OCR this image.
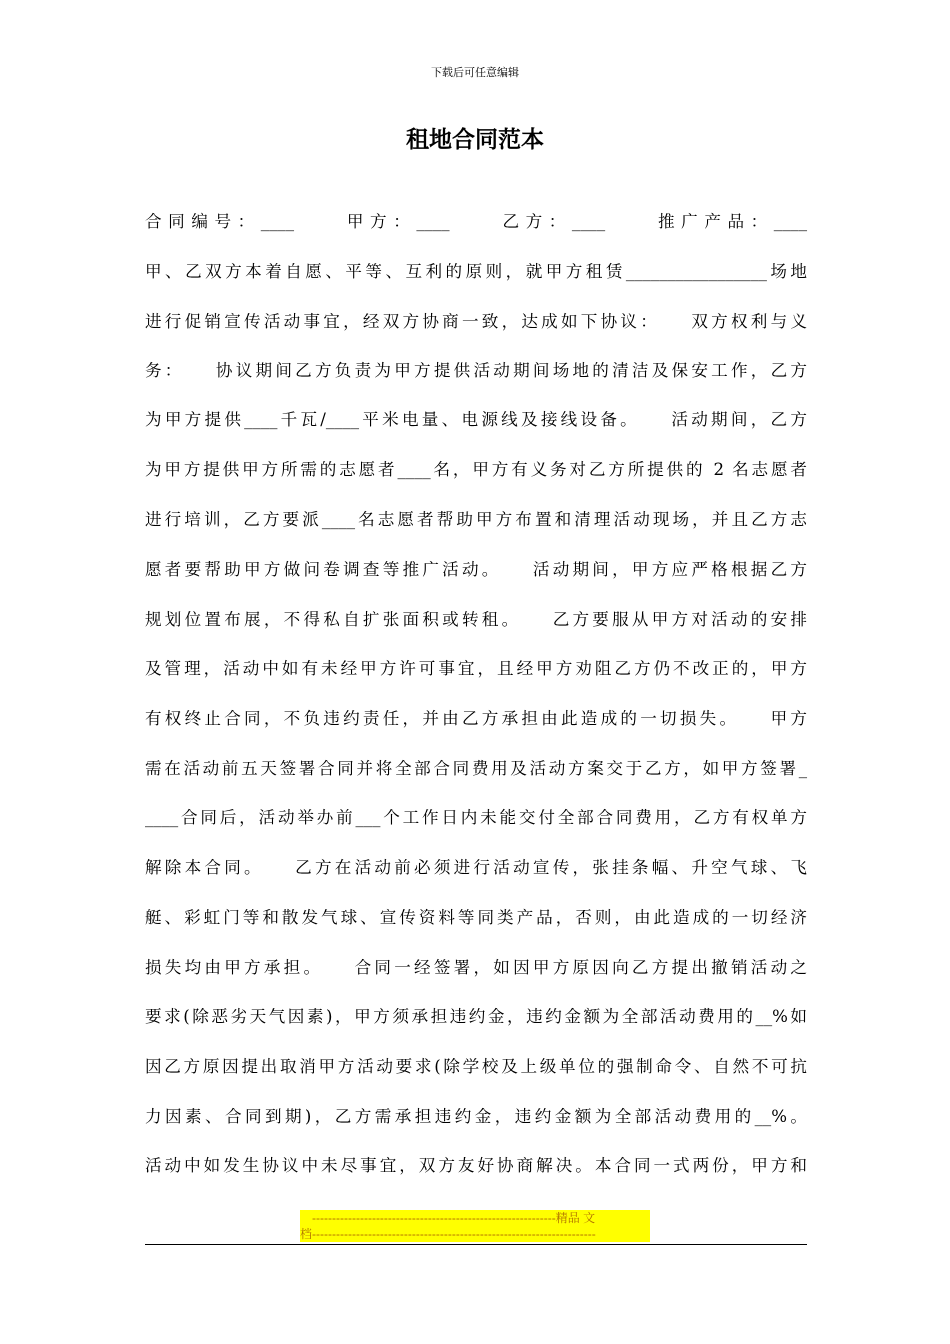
下载后可任意编辑
租地合同范本
合同编号：____　　甲方：____　　乙方：____　　推广产品：____
甲、乙双方本着自愿、平等、互利的原则，就甲方租赁_________________场地
进行促销宣传活动事宜，经双方协商一致，达成如下协议：　　双方权利与义
务：　　协议期间乙方负责为甲方提供活动期间场地的清洁及保安工作，乙方
为甲方提供____千瓦/____平米电量、电源线及接线设备。　　活动期间，乙方
为甲方提供甲方所需的志愿者____名，甲方有义务对乙方所提供的 2 名志愿者
进行培训，乙方要派____名志愿者帮助甲方布置和清理活动现场，并且乙方志
愿者要帮助甲方做问卷调查等推广活动。　　活动期间，甲方应严格根据乙方
规划位置布展，不得私自扩张面积或转租。　　乙方要服从甲方对活动的安排
及管理，活动中如有未经甲方许可事宜，且经甲方劝阻乙方仍不改正的，甲方
有权终止合同，不负违约责任，并由乙方承担由此造成的一切损失。　　甲方
需在活动前五天签署合同并将全部合同费用及活动方案交于乙方，如甲方签署_
____合同后，活动举办前___个工作日内未能交付全部合同费用，乙方有权单方
解除本合同。　　乙方在活动前必须进行活动宣传，张挂条幅、升空气球、飞
艇、彩虹门等和散发气球、宣传资料等同类产品，否则，由此造成的一切经济
损失均由甲方承担。　　合同一经签署，如因甲方原因向乙方提出撤销活动之
要求(除恶劣天气因素)，甲方须承担违约金，违约金额为全部活动费用的__%如
因乙方原因提出取消甲方活动要求(除学校及上级单位的强制命令、自然不可抗
力因素、合同到期)，乙方需承担违约金，违约金额为全部活动费用的__%。
活动中如发生协议中未尽事宜，双方友好协商解决。本合同一式两份，甲方和
-------------------------------------------------------------精品 文
档-----------------------------------------------------------------------
